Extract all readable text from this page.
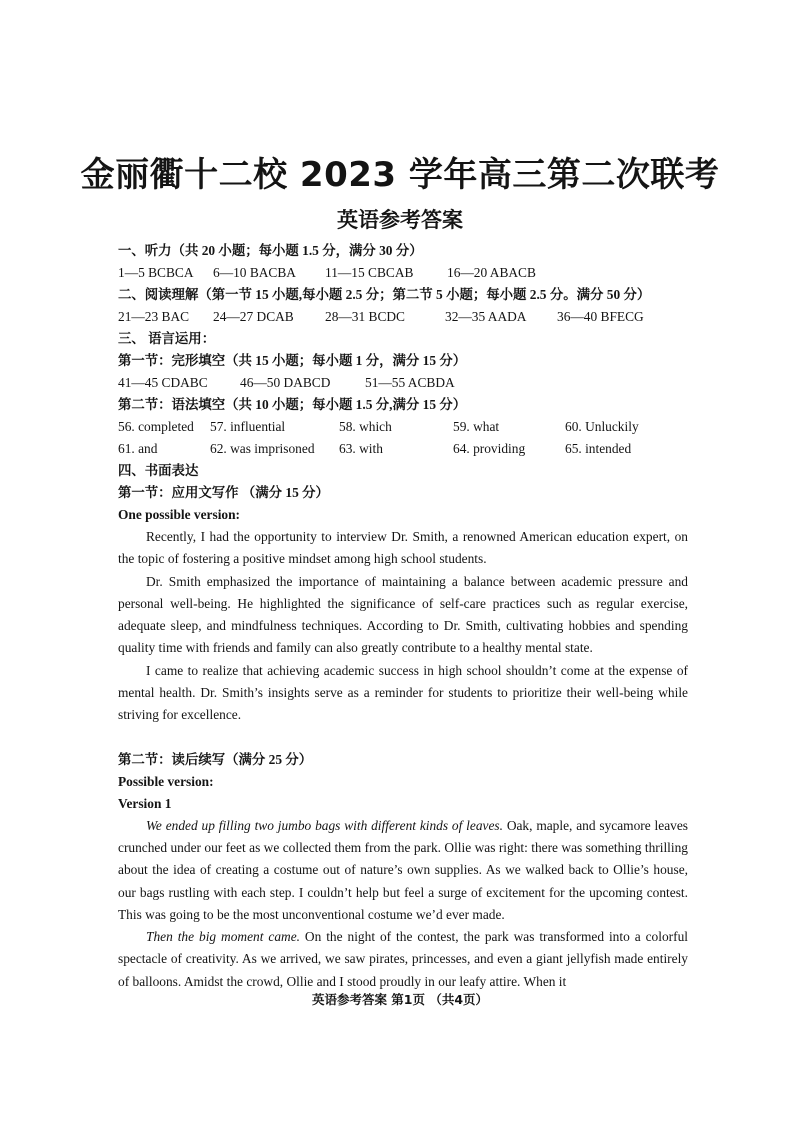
金丽衢十二校 2023 学年高三第二次联考
英语参考答案
一、听力（共 20 小题；每小题 1.5 分，满分 30 分）
1—5 BCBCA	6—10 BACBA	11—15 CBCAB	16—20 ABACB
二、阅读理解（第一节 15 小题,每小题 2.5 分；第二节 5 小题；每小题 2.5 分。满分 50 分）
21—23 BAC	24—27 DCAB	28—31 BCDC	32—35 AADA	36—40 BFECG
三、 语言运用：
第一节：完形填空（共 15 小题；每小题 1 分，满分 15 分）
41—45 CDABC	46—50 DABCD	51—55 ACBDA
第二节：语法填空（共 10 小题；每小题 1.5 分,满分 15 分）
56. completed	57. influential	58. which	59. what	60. Unluckily
61. and	62. was imprisoned	63. with	64. providing	65. intended
四、书面表达
第一节：应用文写作 （满分 15 分）
One possible version:

Recently, I had the opportunity to interview Dr. Smith, a renowned American education expert, on the topic of fostering a positive mindset among high school students.

Dr. Smith emphasized the importance of maintaining a balance between academic pressure and personal well-being. He highlighted the significance of self-care practices such as regular exercise, adequate sleep, and mindfulness techniques. According to Dr. Smith, cultivating hobbies and spending quality time with friends and family can also greatly contribute to a healthy mental state.

I came to realize that achieving academic success in high school shouldn’t come at the expense of mental health. Dr. Smith’s insights serve as a reminder for students to prioritize their well-being while striving for excellence.

第二节：读后续写（满分 25 分）
Possible version:
Version 1

We ended up filling two jumbo bags with different kinds of leaves. Oak, maple, and sycamore leaves crunched under our feet as we collected them from the park. Ollie was right: there was something thrilling about the idea of creating a costume out of nature’s own supplies. As we walked back to Ollie’s house, our bags rustling with each step. I couldn’t help but feel a surge of excitement for the upcoming contest. This was going to be the most unconventional costume we’d ever made.

Then the big moment came. On the night of the contest, the park was transformed into a colorful spectacle of creativity. As we arrived, we saw pirates, princesses, and even a giant jellyfish made entirely of balloons. Amidst the crowd, Ollie and I stood proudly in our leafy attire. When it

英语参考答案 第1页 （共4页）
